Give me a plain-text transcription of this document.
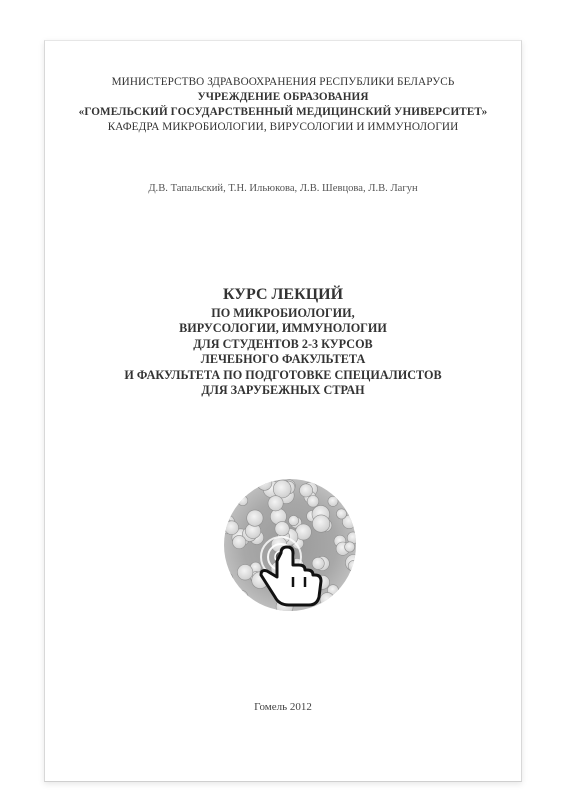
МИНИСТЕРСТВО ЗДРАВООХРАНЕНИЯ РЕСПУБЛИКИ БЕЛАРУСЬ
УЧРЕЖДЕНИЕ ОБРАЗОВАНИЯ
«ГОМЕЛЬСКИЙ ГОСУДАРСТВЕННЫЙ МЕДИЦИНСКИЙ УНИВЕРСИТЕТ»
КАФЕДРА МИКРОБИОЛОГИИ, ВИРУСОЛОГИИ И ИММУНОЛОГИИ
Д.В. Тапальский, Т.Н. Ильюкова, Л.В. Шевцова, Л.В. Лагун
КУРС ЛЕКЦИЙ
ПО МИКРОБИОЛОГИИ,
ВИРУСОЛОГИИ, ИММУНОЛОГИИ
ДЛЯ СТУДЕНТОВ 2-3 КУРСОВ
ЛЕЧЕБНОГО ФАКУЛЬТЕТА
И ФАКУЛЬТЕТА ПО ПОДГОТОВКЕ СПЕЦИАЛИСТОВ
ДЛЯ ЗАРУБЕЖНЫХ СТРАН
Гомель 2012
